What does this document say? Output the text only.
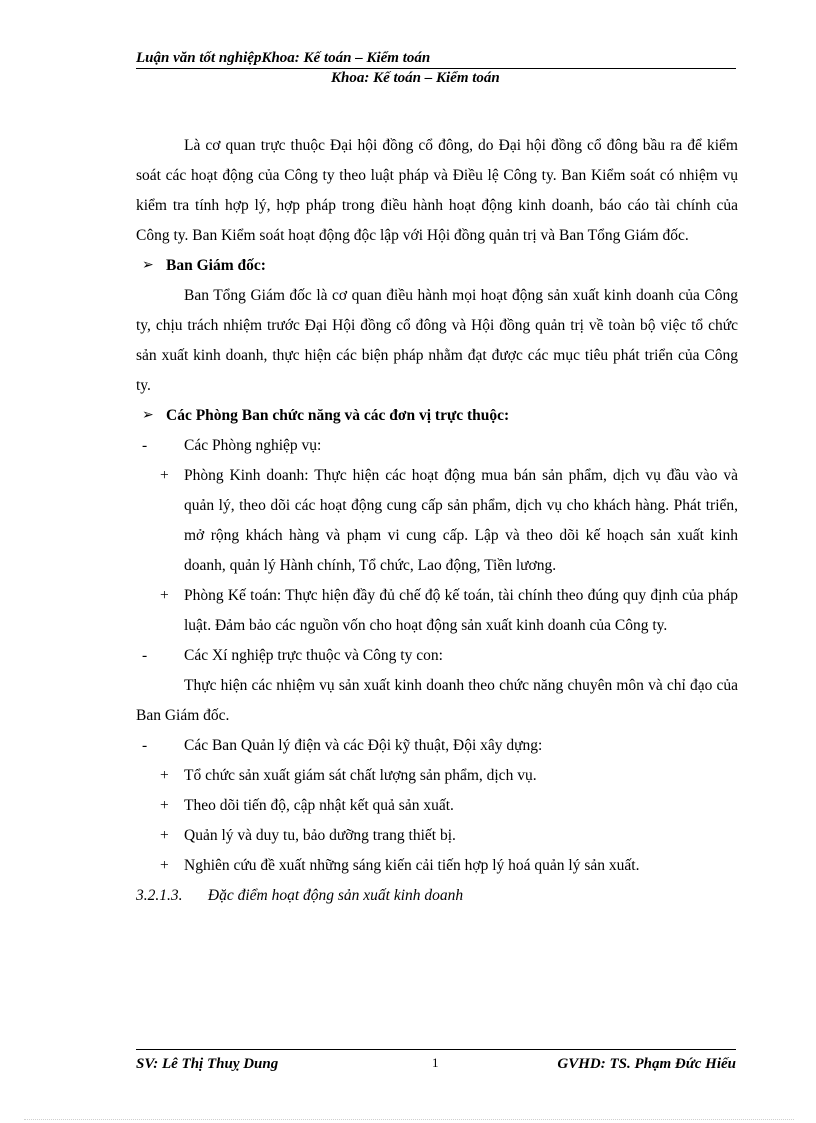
Luận văn tốt nghiệpKhoa: Kế toán – Kiểm toán
Khoa: Kế toán – Kiểm toán

Là cơ quan trực thuộc Đại hội đồng cổ đông, do Đại hội đồng cổ đông bầu ra để kiểm soát các hoạt động của Công ty theo luật pháp và Điều lệ Công ty. Ban Kiểm soát có nhiệm vụ kiểm tra tính hợp lý, hợp pháp trong điều hành hoạt động kinh doanh, báo cáo tài chính của Công ty. Ban Kiểm soát hoạt động độc lập với Hội đồng quản trị và Ban Tổng Giám đốc.

➢ Ban Giám đốc:

Ban Tổng Giám đốc là cơ quan điều hành mọi hoạt động sản xuất kinh doanh của Công ty, chịu trách nhiệm trước Đại Hội đồng cổ đông và Hội đồng quản trị về toàn bộ việc tổ chức sản xuất kinh doanh, thực hiện các biện pháp nhằm đạt được các mục tiêu phát triển của Công ty.

➢ Các Phòng Ban chức năng và các đơn vị trực thuộc:
- Các Phòng nghiệp vụ:
+ Phòng Kinh doanh: Thực hiện các hoạt động mua bán sản phẩm, dịch vụ đầu vào và quản lý, theo dõi các hoạt động cung cấp sản phẩm, dịch vụ cho khách hàng. Phát triển, mở rộng khách hàng và phạm vi cung cấp. Lập và theo dõi kế hoạch sản xuất kinh doanh, quản lý Hành chính, Tổ chức, Lao động, Tiền lương.
+ Phòng Kế toán: Thực hiện đầy đủ chế độ kế toán, tài chính theo đúng quy định của pháp luật. Đảm bảo các nguồn vốn cho hoạt động sản xuất kinh doanh của Công ty.
- Các Xí nghiệp trực thuộc và Công ty con:

Thực hiện các nhiệm vụ sản xuất kinh doanh theo chức năng chuyên môn và chỉ đạo của Ban Giám đốc.

- Các Ban Quản lý điện và các Đội kỹ thuật, Đội xây dựng:
+ Tổ chức sản xuất giám sát chất lượng sản phẩm, dịch vụ.
+ Theo dõi tiến độ, cập nhật kết quả sản xuất.
+ Quản lý và duy tu, bảo dưỡng trang thiết bị.
+ Nghiên cứu đề xuất những sáng kiến cải tiến hợp lý hoá quản lý sản xuất.
3.2.1.3. Đặc điểm hoạt động sản xuất kinh doanh
SV: Lê Thị Thuỵ Dung	1	GVHD: TS. Phạm Đức Hiếu
